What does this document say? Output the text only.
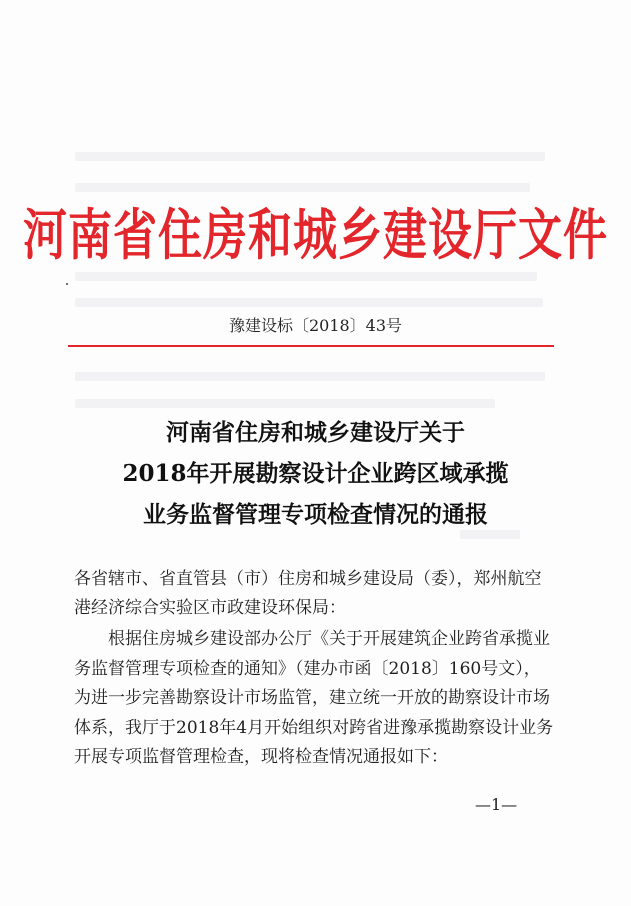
河南省住房和城乡建设厅文件
豫建设标〔2018〕43号
河南省住房和城乡建设厅关于
2018年开展勘察设计企业跨区域承揽
业务监督管理专项检查情况的通报
各省辖市、省直管县（市）住房和城乡建设局（委），郑州航空港经济综合实验区市政建设环保局：
根据住房城乡建设部办公厅《关于开展建筑企业跨省承揽业务监督管理专项检查的通知》（建办市函〔2018〕160号文），为进一步完善勘察设计市场监管，建立统一开放的勘察设计市场体系，我厅于2018年4月开始组织对跨省进豫承揽勘察设计业务开展专项监督管理检查，现将检查情况通报如下：
—1—
